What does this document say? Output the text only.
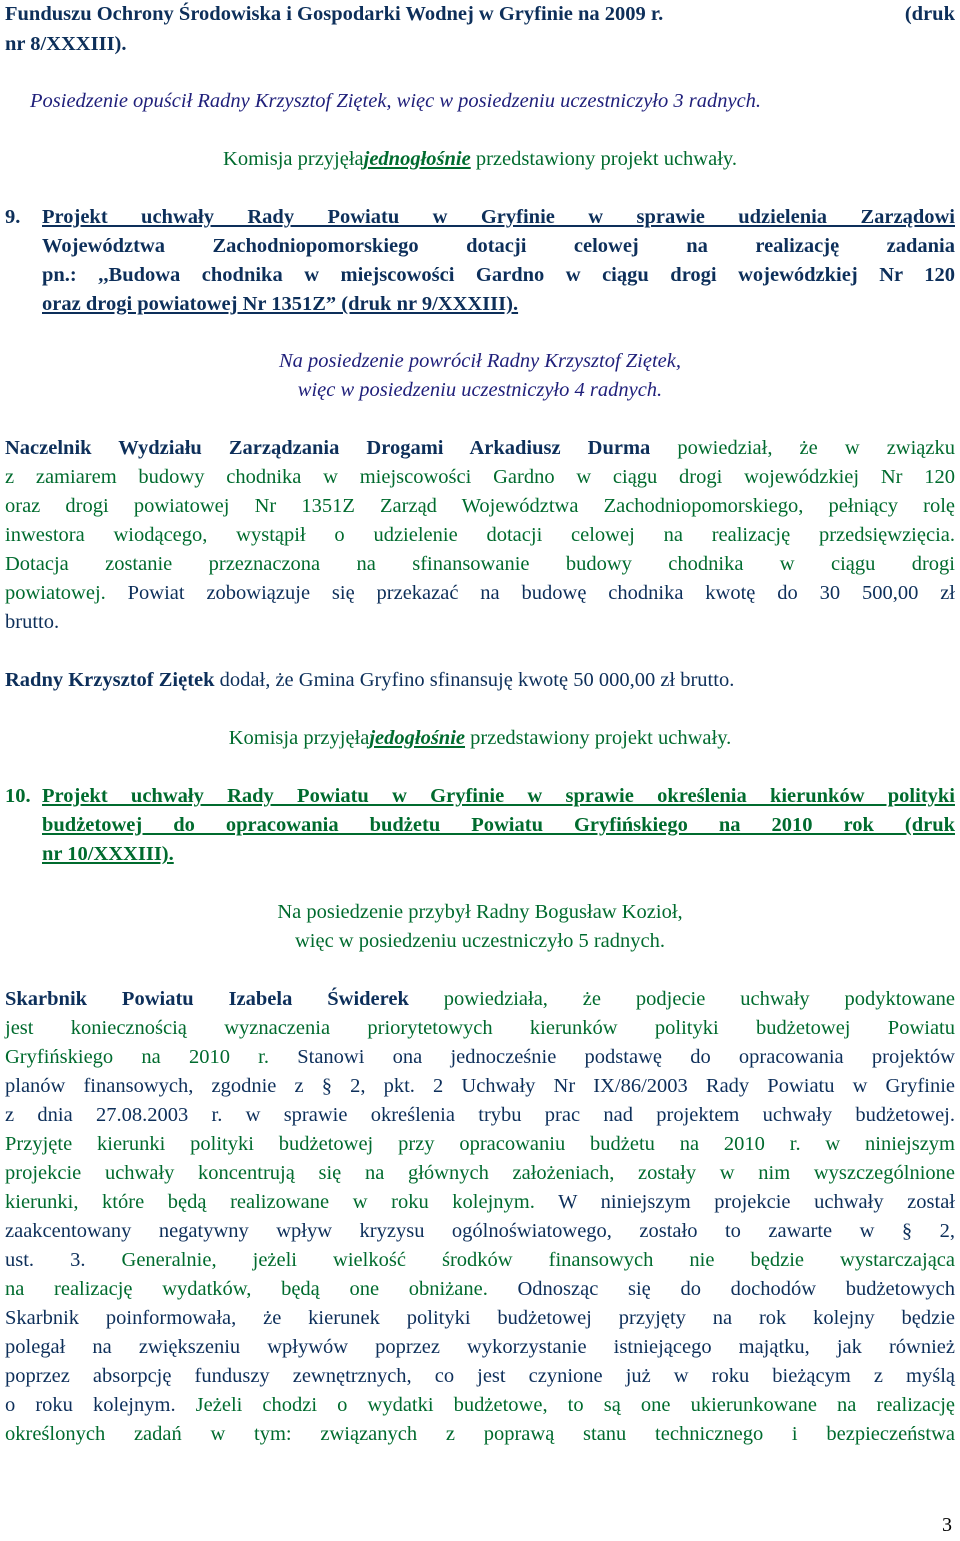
Funduszu Ochrony Środowiska i Gospodarki Wodnej w Gryfinie na 2009 r.	(druk
nr 8/XXXIII).
Posiedzenie opuścił Radny Krzysztof Ziętek, więc w posiedzeniu uczestniczyło 3 radnych.
Komisja przyjęłajednogłośnie przedstawiony projekt uchwały.
9. Projekt uchwały Rady Powiatu w Gryfinie w sprawie udzielenia Zarządowi
Województwa Zachodniopomorskiego dotacji celowej na realizację zadania
pn.: ,,Budowa chodnika w miejscowości Gardno w ciągu drogi wojewódzkiej Nr 120
oraz drogi powiatowej Nr 1351Z” (druk nr 9/XXXIII).
Na posiedzenie powrócił Radny Krzysztof Ziętek,
więc w posiedzeniu uczestniczyło 4 radnych.
Naczelnik Wydziału Zarządzania Drogami Arkadiusz Durma powiedział, że w związku
z zamiarem budowy chodnika w miejscowości Gardno w ciągu drogi wojewódzkiej Nr 120
oraz drogi powiatowej Nr 1351Z Zarząd Województwa Zachodniopomorskiego, pełniący rolę
inwestora wiodącego, wystąpił o udzielenie dotacji celowej na realizację przedsięwzięcia.
Dotacja zostanie przeznaczona na sfinansowanie budowy chodnika w ciągu drogi
powiatowej. Powiat zobowiązuje się przekazać na budowę chodnika kwotę do 30 500,00 zł
brutto.
Radny Krzysztof Ziętek dodał, że Gmina Gryfino sfinansuję kwotę 50 000,00 zł brutto.
Komisja przyjęłajedogłośnie przedstawiony projekt uchwały.
10. Projekt uchwały Rady Powiatu w Gryfinie w sprawie określenia kierunków polityki
budżetowej do opracowania budżetu Powiatu Gryfińskiego na 2010 rok (druk
nr 10/XXXIII).
Na posiedzenie przybył Radny Bogusław Kozioł,
więc w posiedzeniu uczestniczyło 5 radnych.
Skarbnik Powiatu Izabela Świderek powiedziała, że podjecie uchwały podyktowane
jest koniecznością wyznaczenia priorytetowych kierunków polityki budżetowej Powiatu
Gryfińskiego na 2010 r. Stanowi ona jednocześnie podstawę do opracowania projektów
planów finansowych, zgodnie z § 2, pkt. 2 Uchwały Nr IX/86/2003 Rady Powiatu w Gryfinie
z dnia 27.08.2003 r. w sprawie określenia trybu prac nad projektem uchwały budżetowej.
Przyjęte kierunki polityki budżetowej przy opracowaniu budżetu na 2010 r. w niniejszym
projekcie uchwały koncentrują się na głównych założeniach, zostały w nim wyszczególnione
kierunki, które będą realizowane w roku kolejnym. W niniejszym projekcie uchwały został
zaakcentowany negatywny wpływ kryzysu ogólnoświatowego, zostało to zawarte w § 2,
ust. 3. Generalnie, jeżeli wielkość środków finansowych nie będzie wystarczająca
na realizację wydatków, będą one obniżane. Odnosząc się do dochodów budżetowych
Skarbnik poinformowała, że kierunek polityki budżetowej przyjęty na rok kolejny będzie
polegał na zwiększeniu wpływów poprzez wykorzystanie istniejącego majątku, jak również
poprzez absorpcję funduszy zewnętrznych, co jest czynione już w roku bieżącym z myślą
o roku kolejnym. Jeżeli chodzi o wydatki budżetowe, to są one ukierunkowane na realizację
określonych zadań w tym: związanych z poprawą stanu technicznego i bezpieczeństwa
3
